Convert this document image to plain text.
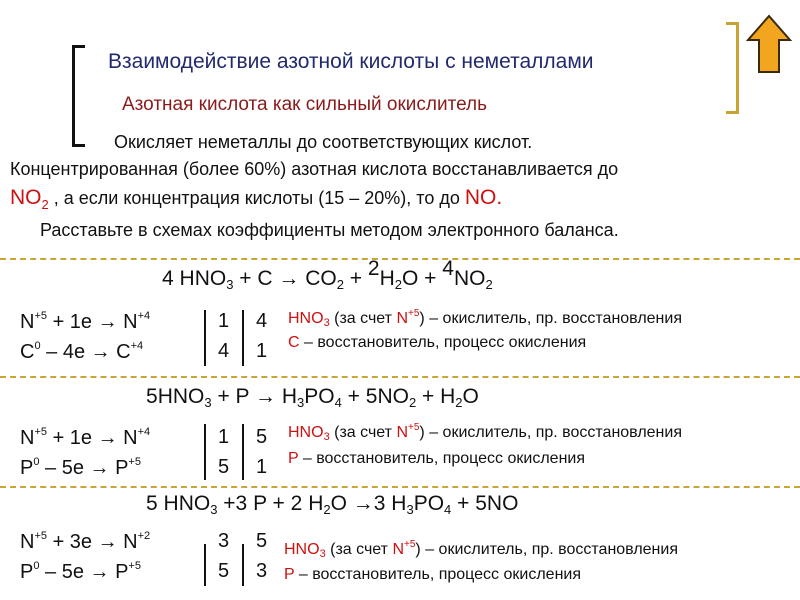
Взаимодействие азотной кислоты с неметаллами
Азотная кислота как сильный окислитель
Окисляет неметаллы до соответствующих кислот.
Концентрированная (более 60%) азотная кислота восстанавливается до
$NO_2$ , а если концентрация кислоты (15 – 20%), то до NO.
Расставьте в схемах коэффициенты методом электронного баланса.
4 $HNO_3 + C \to CO_2 + 2H_2O + 4NO_2$
$N^{+5} + 1e \to N^{+4}$
$C^0 - 4e \to C^{+4}$
1
4
4
1
$HNO_3$ (за счет $N^{+5}$) – окислитель, пр. восстановления
C – восстановитель, процесс окисления
$5HNO_3 + P \to H_3PO_4 + 5NO_2 + H_2O$
$N^{+5} + 1e \to N^{+4}$
$P^0 - 5e \to P^{+5}$
1
5
5
1
$HNO_3$ (за счет $N^{+5}$) – окислитель, пр. восстановления
P – восстановитель, процесс окисления
5 $HNO_3 +3$ P + 2 $H_2O \to 3$ $H_3PO_4 + 5NO$
$N^{+5} + 3e \to N^{+2}$
$P^0 - 5e \to P^{+5}$
3
5
5
3
$HNO_3$ (за счет $N^{+5}$) – окислитель, пр. восстановления
P – восстановитель, процесс окисления
